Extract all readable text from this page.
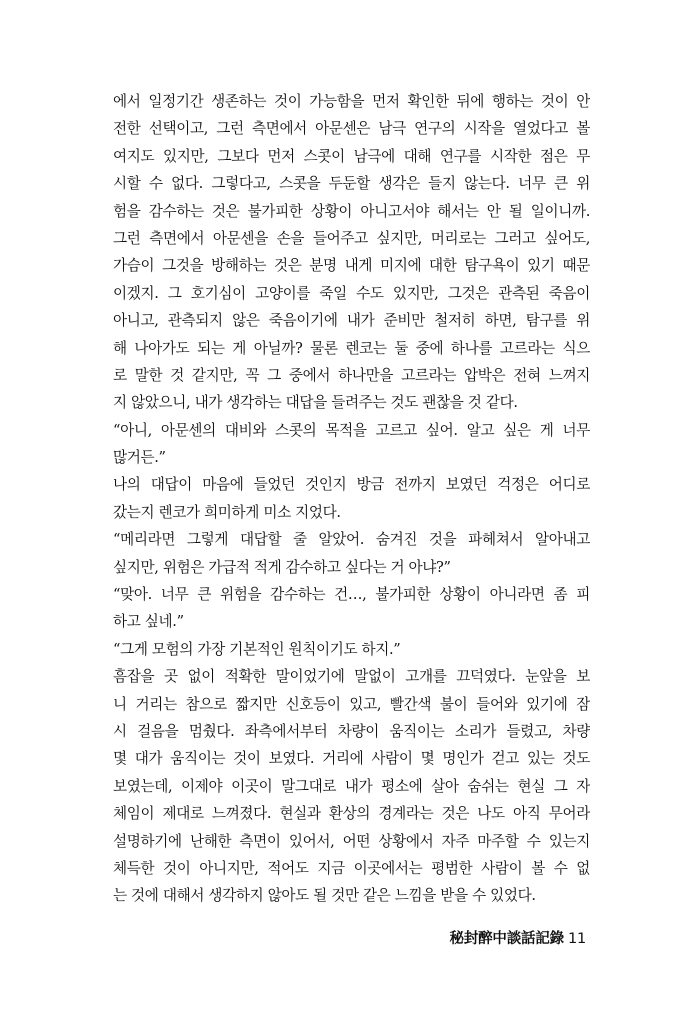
에서 일정기간 생존하는 것이 가능함을 먼저 확인한 뒤에 행하는 것이 안
전한 선택이고, 그런 측면에서 아문센은 남극 연구의 시작을 열었다고 볼
여지도 있지만, 그보다 먼저 스콧이 남극에 대해 연구를 시작한 점은 무
시할 수 없다. 그렇다고, 스콧을 두둔할 생각은 들지 않는다. 너무 큰 위
험을 감수하는 것은 불가피한 상황이 아니고서야 해서는 안 될 일이니까.
그런 측면에서 아문센을 손을 들어주고 싶지만, 머리로는 그러고 싶어도,
가슴이 그것을 방해하는 것은 분명 내게 미지에 대한 탐구욕이 있기 때문
이겠지. 그 호기심이 고양이를 죽일 수도 있지만, 그것은 관측된 죽음이
아니고, 관측되지 않은 죽음이기에 내가 준비만 철저히 하면, 탐구를 위
해 나아가도 되는 게 아닐까? 물론 렌코는 둘 중에 하나를 고르라는 식으
로 말한 것 같지만, 꼭 그 중에서 하나만을 고르라는 압박은 전혀 느껴지
지 않았으니, 내가 생각하는 대답을 들려주는 것도 괜찮을 것 같다.
“아니, 아문센의 대비와 스콧의 목적을 고르고 싶어. 알고 싶은 게 너무
많거든.”
나의 대답이 마음에 들었던 것인지 방금 전까지 보였던 걱정은 어디로
갔는지 렌코가 희미하게 미소 지었다.
“메리라면 그렇게 대답할 줄 알았어. 숨겨진 것을 파헤쳐서 알아내고
싶지만, 위험은 가급적 적게 감수하고 싶다는 거 아냐?”
“맞아. 너무 큰 위험을 감수하는 건…, 불가피한 상황이 아니라면 좀 피
하고 싶네.”
“그게 모험의 가장 기본적인 원칙이기도 하지.”
흠잡을 곳 없이 적확한 말이었기에 말없이 고개를 끄덕였다. 눈앞을 보
니 거리는 참으로 짧지만 신호등이 있고, 빨간색 불이 들어와 있기에 잠
시 걸음을 멈췄다. 좌측에서부터 차량이 움직이는 소리가 들렸고, 차량
몇 대가 움직이는 것이 보였다. 거리에 사람이 몇 명인가 걷고 있는 것도
보였는데, 이제야 이곳이 말그대로 내가 평소에 살아 숨쉬는 현실 그 자
체임이 제대로 느껴졌다. 현실과 환상의 경계라는 것은 나도 아직 무어라
설명하기에 난해한 측면이 있어서, 어떤 상황에서 자주 마주할 수 있는지
체득한 것이 아니지만, 적어도 지금 이곳에서는 평범한 사람이 볼 수 없
는 것에 대해서 생각하지 않아도 될 것만 같은 느낌을 받을 수 있었다.
秘封醉中談話記錄 11
